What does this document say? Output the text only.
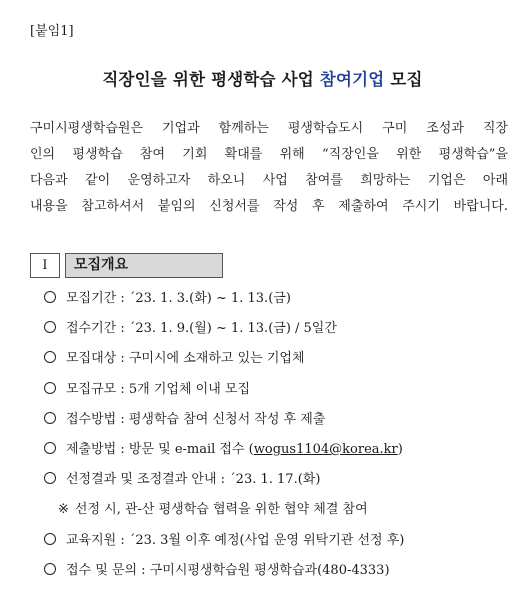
[붙임1]
직장인을 위한 평생학습 사업 참여기업 모집
구미시평생학습원은 기업과 함께하는 평생학습도시 구미 조성과 직장
인의 평생학습 참여 기회 확대를 위해 “직장인을 위한 평생학습”을
다음과 같이 운영하고자 하오니 사업 참여를 희망하는 기업은 아래
내용을 참고하셔서 붙임의 신청서를 작성 후 제출하여 주시기 바랍니다.
Ⅰ	모집개요
모집기간 : ´23. 1. 3.(화) ~ 1. 13.(금)
접수기간 : ´23. 1. 9.(월) ~ 1. 13.(금) / 5일간
모집대상 : 구미시에 소재하고 있는 기업체
모집규모 : 5개 기업체 이내 모집
접수방법 : 평생학습 참여 신청서 작성 후 제출
제출방법 : 방문 및 e-mail 접수 (wogus1104@korea.kr)
선정결과 및 조정결과 안내 : ´23. 1. 17.(화)
※ 선정 시, 관-산 평생학습 협력을 위한 협약 체결 참여
교육지원 : ´23. 3월 이후 예정(사업 운영 위탁기관 선정 후)
접수 및 문의 : 구미시평생학습원 평생학습과(480-4333)
